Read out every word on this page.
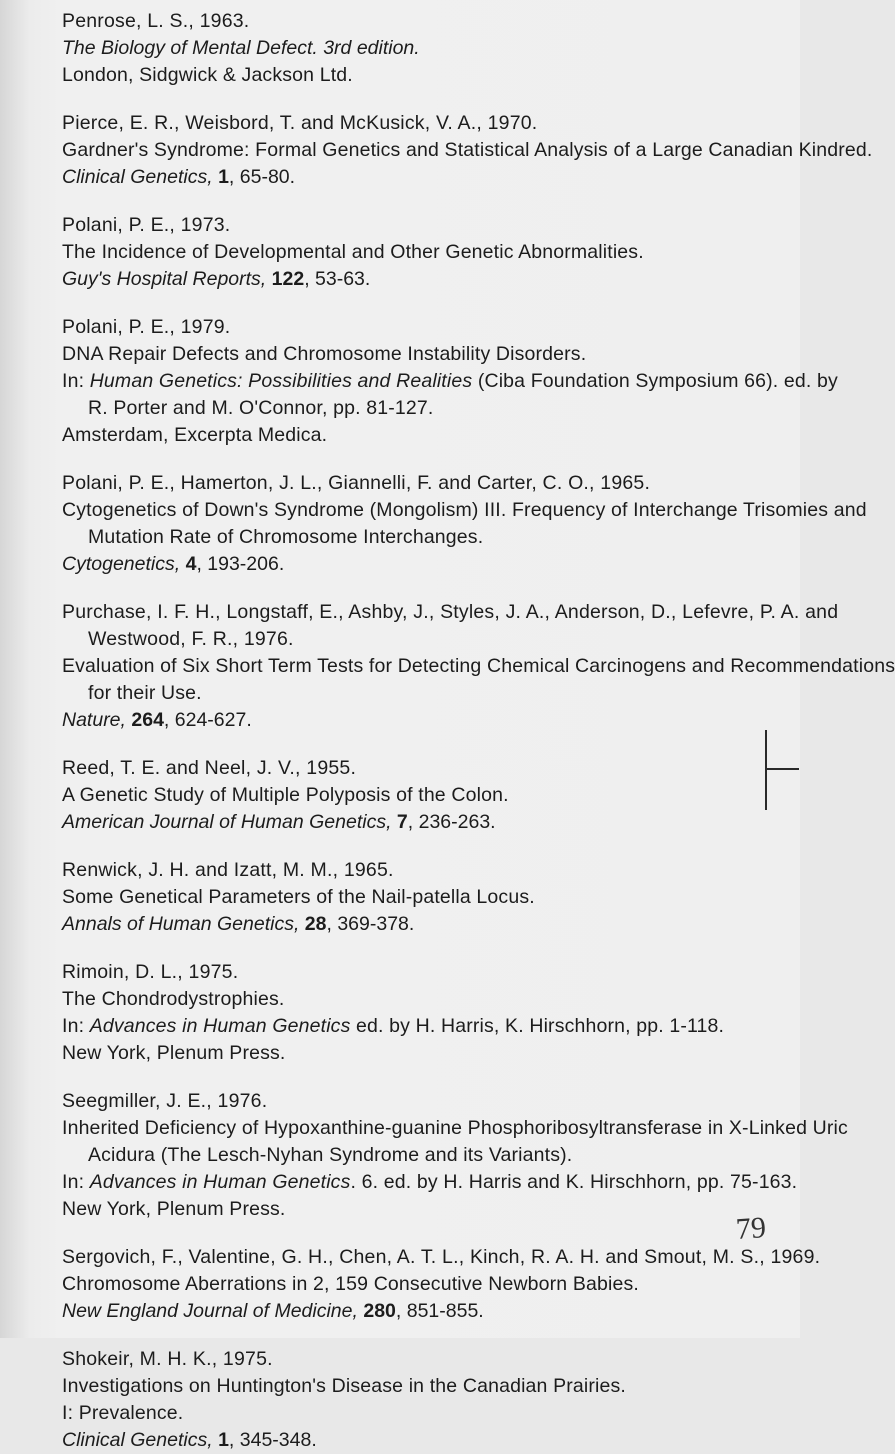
Penrose, L. S., 1963.
The Biology of Mental Defect. 3rd edition.
London, Sidgwick & Jackson Ltd.
Pierce, E. R., Weisbord, T. and McKusick, V. A., 1970.
Gardner's Syndrome: Formal Genetics and Statistical Analysis of a Large Canadian Kindred.
Clinical Genetics, 1, 65-80.
Polani, P. E., 1973.
The Incidence of Developmental and Other Genetic Abnormalities.
Guy's Hospital Reports, 122, 53-63.
Polani, P. E., 1979.
DNA Repair Defects and Chromosome Instability Disorders.
In: Human Genetics: Possibilities and Realities (Ciba Foundation Symposium 66). ed. by
R. Porter and M. O'Connor, pp. 81-127.
Amsterdam, Excerpta Medica.
Polani, P. E., Hamerton, J. L., Giannelli, F. and Carter, C. O., 1965.
Cytogenetics of Down's Syndrome (Mongolism) III. Frequency of Interchange Trisomies and
Mutation Rate of Chromosome Interchanges.
Cytogenetics, 4, 193-206.
Purchase, I. F. H., Longstaff, E., Ashby, J., Styles, J. A., Anderson, D., Lefevre, P. A. and
Westwood, F. R., 1976.
Evaluation of Six Short Term Tests for Detecting Chemical Carcinogens and Recommendations
for their Use.
Nature, 264, 624-627.
Reed, T. E. and Neel, J. V., 1955.
A Genetic Study of Multiple Polyposis of the Colon.
American Journal of Human Genetics, 7, 236-263.
Renwick, J. H. and Izatt, M. M., 1965.
Some Genetical Parameters of the Nail-patella Locus.
Annals of Human Genetics, 28, 369-378.
Rimoin, D. L., 1975.
The Chondrodystrophies.
In: Advances in Human Genetics ed. by H. Harris, K. Hirschhorn, pp. 1-118.
New York, Plenum Press.
Seegmiller, J. E., 1976.
Inherited Deficiency of Hypoxanthine-guanine Phosphoribosyltransferase in X-Linked Uric
Acidura (The Lesch-Nyhan Syndrome and its Variants).
In: Advances in Human Genetics. 6. ed. by H. Harris and K. Hirschhorn, pp. 75-163.
New York, Plenum Press.
Sergovich, F., Valentine, G. H., Chen, A. T. L., Kinch, R. A. H. and Smout, M. S., 1969.
Chromosome Aberrations in 2, 159 Consecutive Newborn Babies.
New England Journal of Medicine, 280, 851-855.
Shokeir, M. H. K., 1975.
Investigations on Huntington's Disease in the Canadian Prairies.
I: Prevalence.
Clinical Genetics, 1, 345-348.
79
